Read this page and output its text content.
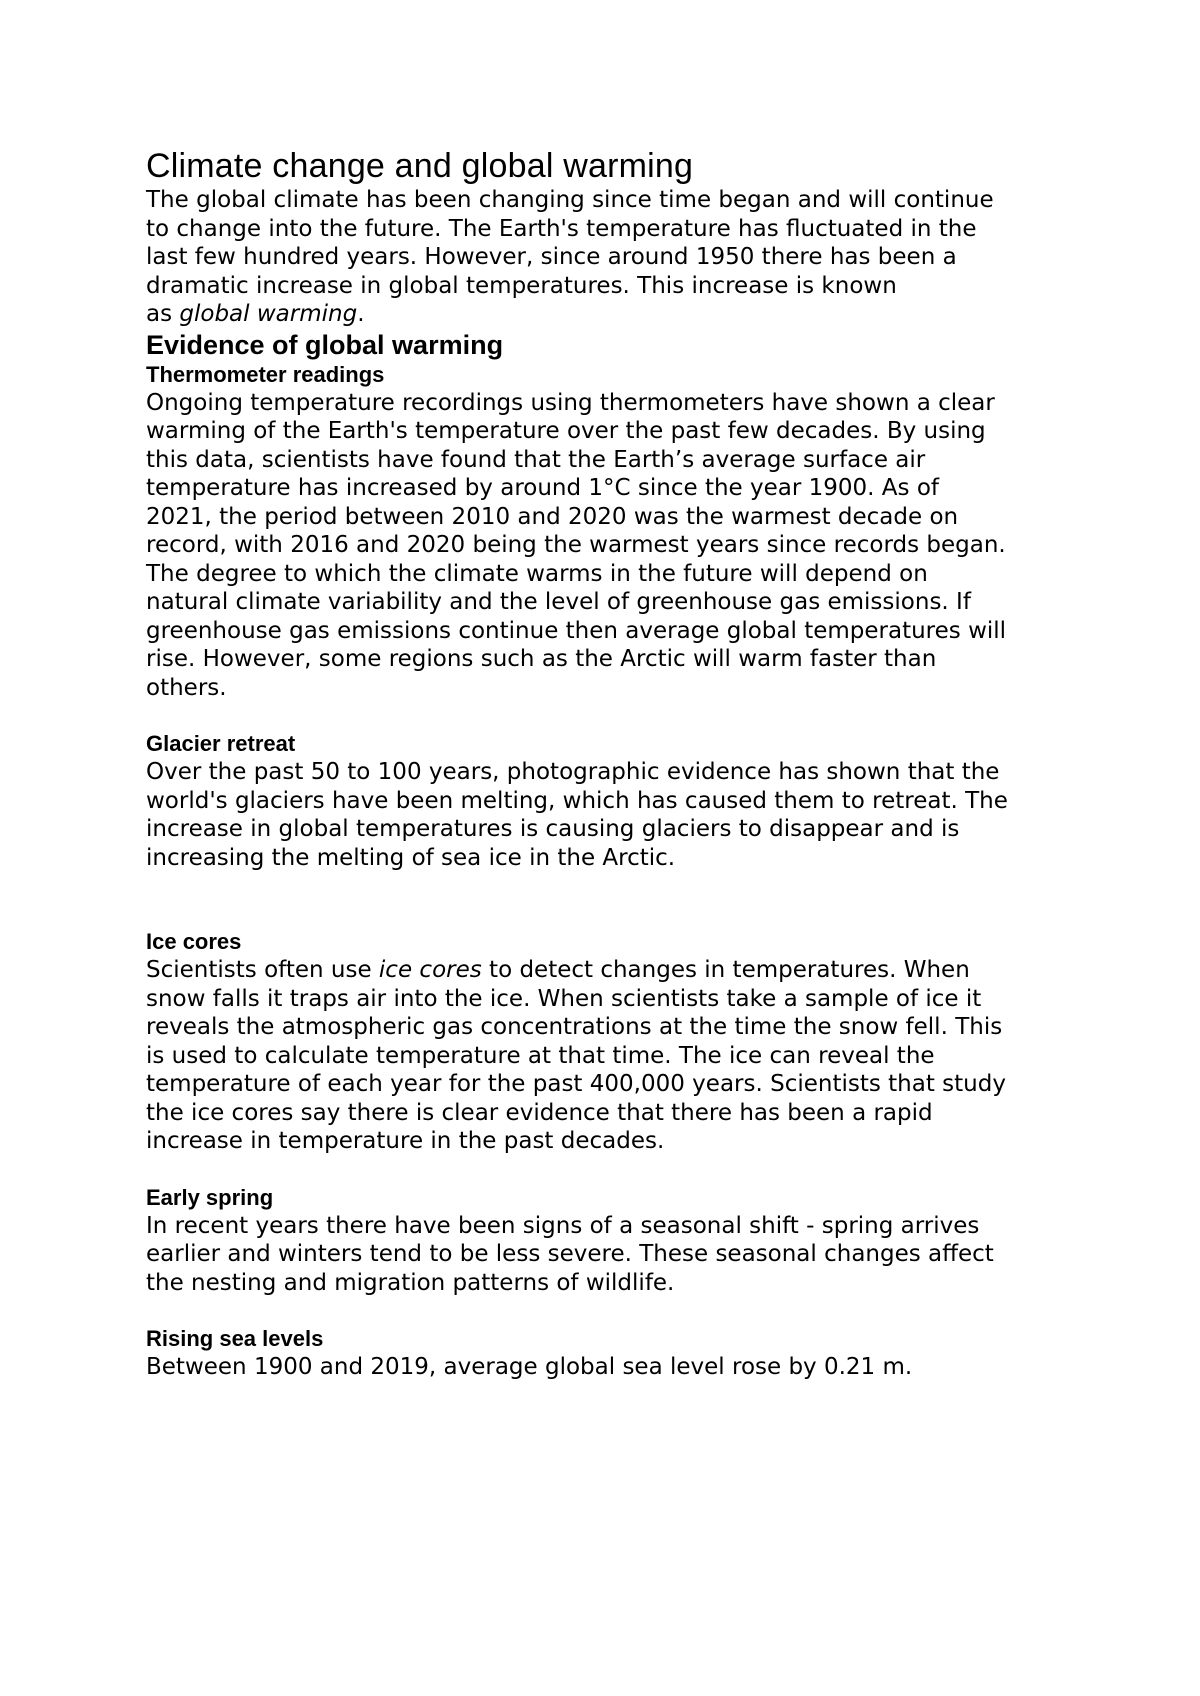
Climate change and global warming

The global climate has been changing since time began and will continue
to change into the future. The Earth's temperature has fluctuated in the
last few hundred years. However, since around 1950 there has been a
dramatic increase in global temperatures. This increase is known
as global warming.

Evidence of global warming
Thermometer readings

Ongoing temperature recordings using thermometers have shown a clear
warming of the Earth's temperature over the past few decades. By using
this data, scientists have found that the Earth’s average surface air
temperature has increased by around 1°C since the year 1900. As of
2021, the period between 2010 and 2020 was the warmest decade on
record, with 2016 and 2020 being the warmest years since records began.
The degree to which the climate warms in the future will depend on
natural climate variability and the level of greenhouse gas emissions. If
greenhouse gas emissions continue then average global temperatures will
rise. However, some regions such as the Arctic will warm faster than
others.

Glacier retreat

Over the past 50 to 100 years, photographic evidence has shown that the
world's glaciers have been melting, which has caused them to retreat. The
increase in global temperatures is causing glaciers to disappear and is
increasing the melting of sea ice in the Arctic.

Ice cores

Scientists often use ice cores to detect changes in temperatures. When
snow falls it traps air into the ice. When scientists take a sample of ice it
reveals the atmospheric gas concentrations at the time the snow fell. This
is used to calculate temperature at that time. The ice can reveal the
temperature of each year for the past 400,000 years. Scientists that study
the ice cores say there is clear evidence that there has been a rapid
increase in temperature in the past decades.

Early spring

In recent years there have been signs of a seasonal shift - spring arrives
earlier and winters tend to be less severe. These seasonal changes affect
the nesting and migration patterns of wildlife.

Rising sea levels

Between 1900 and 2019, average global sea level rose by 0.21 m.
